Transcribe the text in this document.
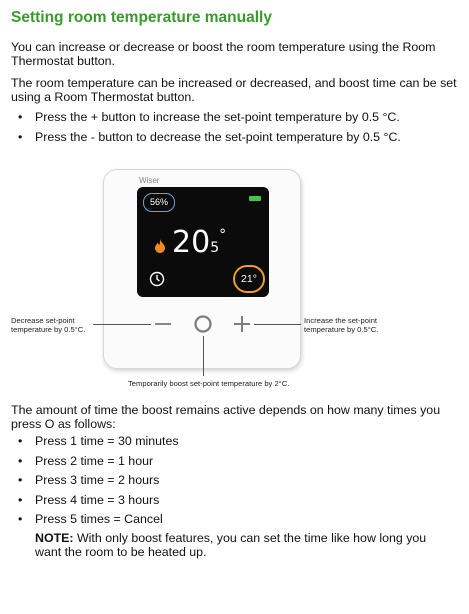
Setting room temperature manually

You can increase or decrease or boost the room temperature using the Room Thermostat button.

The room temperature can be increased or decreased, and boost time can be set using a Room Thermostat button.

• Press the + button to increase the set-point temperature by 0.5 °C.
• Press the - button to decrease the set-point temperature by 0.5 °C.
Wiser
56%
205°
21°

Decrease set-point
temperature by 0.5°C.

Increase the set-point
temperature by 0.5°C.

Temporarily boost set-point temperature by 2°C.

The amount of time the boost remains active depends on how many times you press O as follows:

• Press 1 time = 30 minutes
• Press 2 time = 1 hour
• Press 3 time = 2 hours
• Press 4 time = 3 hours
• Press 5 times = Cancel

NOTE: With only boost features, you can set the time like how long you want the room to be heated up.
